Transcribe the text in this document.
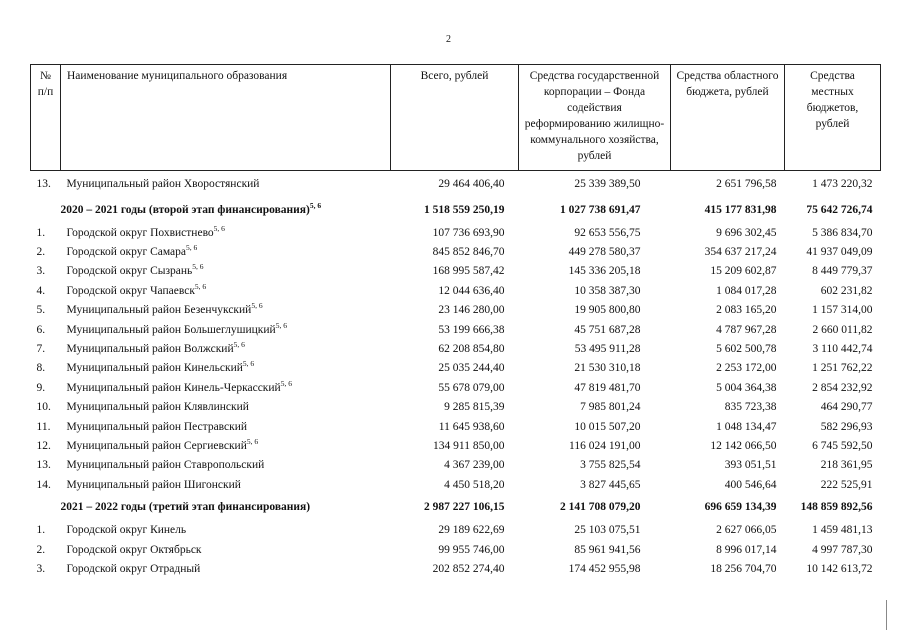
2
№ п/п	Наименование муниципального образования	Всего, рублей	Средства государственной корпорации – Фонда содействия реформированию жилищно-коммунального хозяйства, рублей	Средства областного бюджета, рублей	Средства местных бюджетов, рублей
13.	Муниципальный район Хворостянский	29 464 406,40	25 339 389,50	2 651 796,58	1 473 220,32
	2020 – 2021 годы (второй этап финансирования)$^{5, 6}$	1 518 559 250,19	1 027 738 691,47	415 177 831,98	75 642 726,74
1.	Городской округ Похвистнево$^{5, 6}$	107 736 693,90	92 653 556,75	9 696 302,45	5 386 834,70
2.	Городской округ Самара$^{5, 6}$	845 852 846,70	449 278 580,37	354 637 217,24	41 937 049,09
3.	Городской округ Сызрань$^{5, 6}$	168 995 587,42	145 336 205,18	15 209 602,87	8 449 779,37
4.	Городской округ Чапаевск$^{5, 6}$	12 044 636,40	10 358 387,30	1 084 017,28	602 231,82
5.	Муниципальный район Безенчукский$^{5, 6}$	23 146 280,00	19 905 800,80	2 083 165,20	1 157 314,00
6.	Муниципальный район Большеглушицкий$^{5, 6}$	53 199 666,38	45 751 687,28	4 787 967,28	2 660 011,82
7.	Муниципальный район Волжский$^{5, 6}$	62 208 854,80	53 495 911,28	5 602 500,78	3 110 442,74
8.	Муниципальный район Кинельский$^{5, 6}$	25 035 244,40	21 530 310,18	2 253 172,00	1 251 762,22
9.	Муниципальный район Кинель-Черкасский$^{5, 6}$	55 678 079,00	47 819 481,70	5 004 364,38	2 854 232,92
10.	Муниципальный район Клявлинский	9 285 815,39	7 985 801,24	835 723,38	464 290,77
11.	Муниципальный район Пестравский	11 645 938,60	10 015 507,20	1 048 134,47	582 296,93
12.	Муниципальный район Сергиевский$^{5, 6}$	134 911 850,00	116 024 191,00	12 142 066,50	6 745 592,50
13.	Муниципальный район Ставропольский	4 367 239,00	3 755 825,54	393 051,51	218 361,95
14.	Муниципальный район Шигонский	4 450 518,20	3 827 445,65	400 546,64	222 525,91
	2021 – 2022 годы (третий этап финансирования)	2 987 227 106,15	2 141 708 079,20	696 659 134,39	148 859 892,56
1.	Городской округ Кинель	29 189 622,69	25 103 075,51	2 627 066,05	1 459 481,13
2.	Городской округ Октябрьск	99 955 746,00	85 961 941,56	8 996 017,14	4 997 787,30
3.	Городской округ Отрадный	202 852 274,40	174 452 955,98	18 256 704,70	10 142 613,72
